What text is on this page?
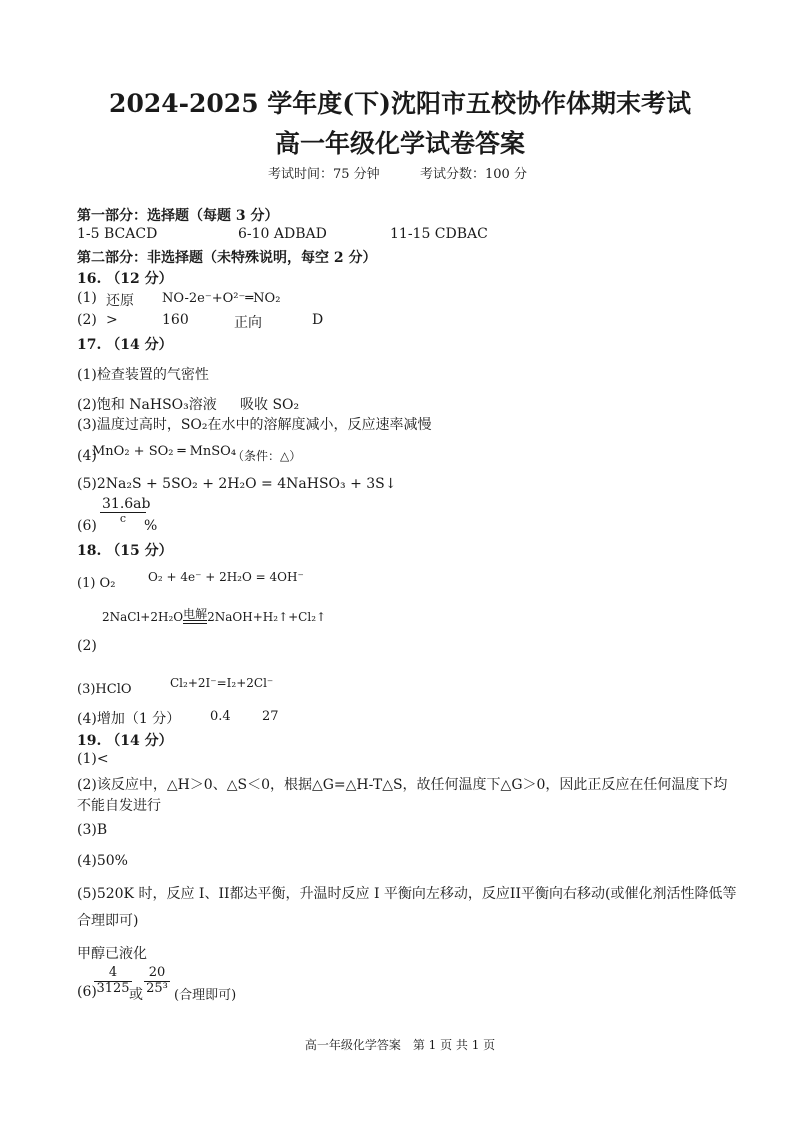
2024-2025 学年度(下)沈阳市五校协作体期末考试
高一年级化学试卷答案
考试时间：75 分钟	考试分数：100 分
第一部分：选择题（每题 3 分）
1-5 BCACD	6-10 ADBAD	11-15 CDBAC
第二部分：非选择题（未特殊说明，每空 2 分）
16. （12 分）
(1) 还原 NO-2e⁻+O²⁻═NO₂
(2) >	160	正向	D
17. （14 分）
(1)检查装置的气密性
(2)饱和 NaHSO₃溶液 吸收 SO₂
(3)温度过高时，SO₂在水中的溶解度减小，反应速率减慢
(4)
MnO₂ + SO₂ ═ MnSO₄
（条件：△）
(5)2Na₂S + 5SO₂ + 2H₂O = 4NaHSO₃ + 3S↓
(6)
$\frac{31.6ab}{c}$
%
18. （15 分）
(1) O₂	O₂ + 4e⁻ + 2H₂O = 4OH⁻
2NaCl+2H₂O 电解 2NaOH+H₂↑+Cl₂↑
(2)
(3)HClO	Cl₂+2I⁻=I₂+2Cl⁻
(4)增加（1 分） 0.4 27
19. （14 分）
(1)<
(2)该反应中，△H＞0、△S＜0，根据△G=△H-T△S，故任何温度下△G＞0，因此正反应在任何温度下均
不能自发进行
(3)B
(4)50%
(5)520K 时，反应 I、II都达平衡，升温时反应 I 平衡向左移动，反应II平衡向右移动(或催化剂活性降低等
合理即可)
甲醇已液化
(6)
$\frac{4}{3125}$
或 $\frac{20}{\text{25³}}$ (合理即可)
高一年级化学答案　第 1 页 共 1 页
